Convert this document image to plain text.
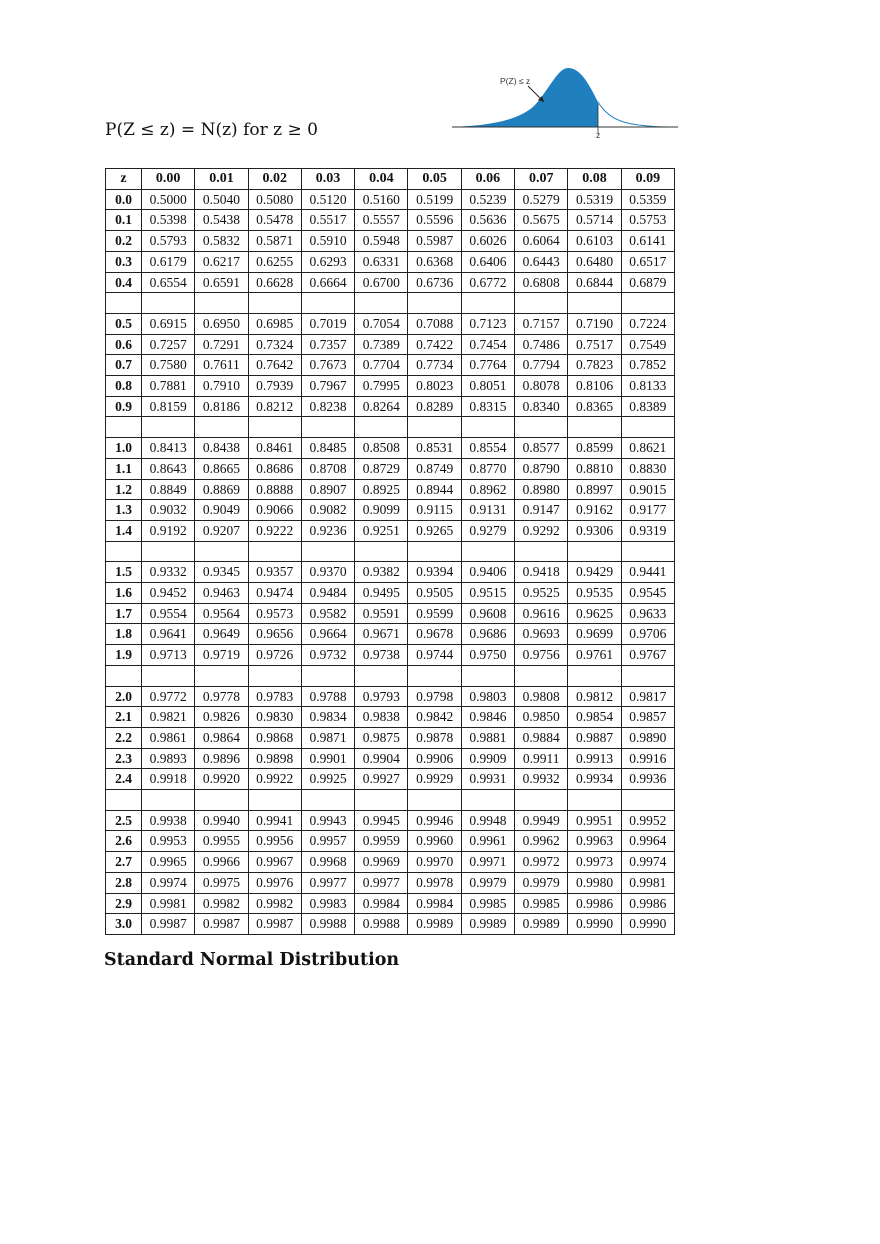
P(Z ≤ z) = N(z) for z ≥ 0
P(Z) ≤ z
z
z	0.00	0.01	0.02	0.03	0.04	0.05	0.06	0.07	0.08	0.09
0.0	0.5000	0.5040	0.5080	0.5120	0.5160	0.5199	0.5239	0.5279	0.5319	0.5359
0.1	0.5398	0.5438	0.5478	0.5517	0.5557	0.5596	0.5636	0.5675	0.5714	0.5753
0.2	0.5793	0.5832	0.5871	0.5910	0.5948	0.5987	0.6026	0.6064	0.6103	0.6141
0.3	0.6179	0.6217	0.6255	0.6293	0.6331	0.6368	0.6406	0.6443	0.6480	0.6517
0.4	0.6554	0.6591	0.6628	0.6664	0.6700	0.6736	0.6772	0.6808	0.6844	0.6879

0.5	0.6915	0.6950	0.6985	0.7019	0.7054	0.7088	0.7123	0.7157	0.7190	0.7224
0.6	0.7257	0.7291	0.7324	0.7357	0.7389	0.7422	0.7454	0.7486	0.7517	0.7549
0.7	0.7580	0.7611	0.7642	0.7673	0.7704	0.7734	0.7764	0.7794	0.7823	0.7852
0.8	0.7881	0.7910	0.7939	0.7967	0.7995	0.8023	0.8051	0.8078	0.8106	0.8133
0.9	0.8159	0.8186	0.8212	0.8238	0.8264	0.8289	0.8315	0.8340	0.8365	0.8389

1.0	0.8413	0.8438	0.8461	0.8485	0.8508	0.8531	0.8554	0.8577	0.8599	0.8621
1.1	0.8643	0.8665	0.8686	0.8708	0.8729	0.8749	0.8770	0.8790	0.8810	0.8830
1.2	0.8849	0.8869	0.8888	0.8907	0.8925	0.8944	0.8962	0.8980	0.8997	0.9015
1.3	0.9032	0.9049	0.9066	0.9082	0.9099	0.9115	0.9131	0.9147	0.9162	0.9177
1.4	0.9192	0.9207	0.9222	0.9236	0.9251	0.9265	0.9279	0.9292	0.9306	0.9319

1.5	0.9332	0.9345	0.9357	0.9370	0.9382	0.9394	0.9406	0.9418	0.9429	0.9441
1.6	0.9452	0.9463	0.9474	0.9484	0.9495	0.9505	0.9515	0.9525	0.9535	0.9545
1.7	0.9554	0.9564	0.9573	0.9582	0.9591	0.9599	0.9608	0.9616	0.9625	0.9633
1.8	0.9641	0.9649	0.9656	0.9664	0.9671	0.9678	0.9686	0.9693	0.9699	0.9706
1.9	0.9713	0.9719	0.9726	0.9732	0.9738	0.9744	0.9750	0.9756	0.9761	0.9767

2.0	0.9772	0.9778	0.9783	0.9788	0.9793	0.9798	0.9803	0.9808	0.9812	0.9817
2.1	0.9821	0.9826	0.9830	0.9834	0.9838	0.9842	0.9846	0.9850	0.9854	0.9857
2.2	0.9861	0.9864	0.9868	0.9871	0.9875	0.9878	0.9881	0.9884	0.9887	0.9890
2.3	0.9893	0.9896	0.9898	0.9901	0.9904	0.9906	0.9909	0.9911	0.9913	0.9916
2.4	0.9918	0.9920	0.9922	0.9925	0.9927	0.9929	0.9931	0.9932	0.9934	0.9936

2.5	0.9938	0.9940	0.9941	0.9943	0.9945	0.9946	0.9948	0.9949	0.9951	0.9952
2.6	0.9953	0.9955	0.9956	0.9957	0.9959	0.9960	0.9961	0.9962	0.9963	0.9964
2.7	0.9965	0.9966	0.9967	0.9968	0.9969	0.9970	0.9971	0.9972	0.9973	0.9974
2.8	0.9974	0.9975	0.9976	0.9977	0.9977	0.9978	0.9979	0.9979	0.9980	0.9981
2.9	0.9981	0.9982	0.9982	0.9983	0.9984	0.9984	0.9985	0.9985	0.9986	0.9986
3.0	0.9987	0.9987	0.9987	0.9988	0.9988	0.9989	0.9989	0.9989	0.9990	0.9990
Standard Normal Distribution
